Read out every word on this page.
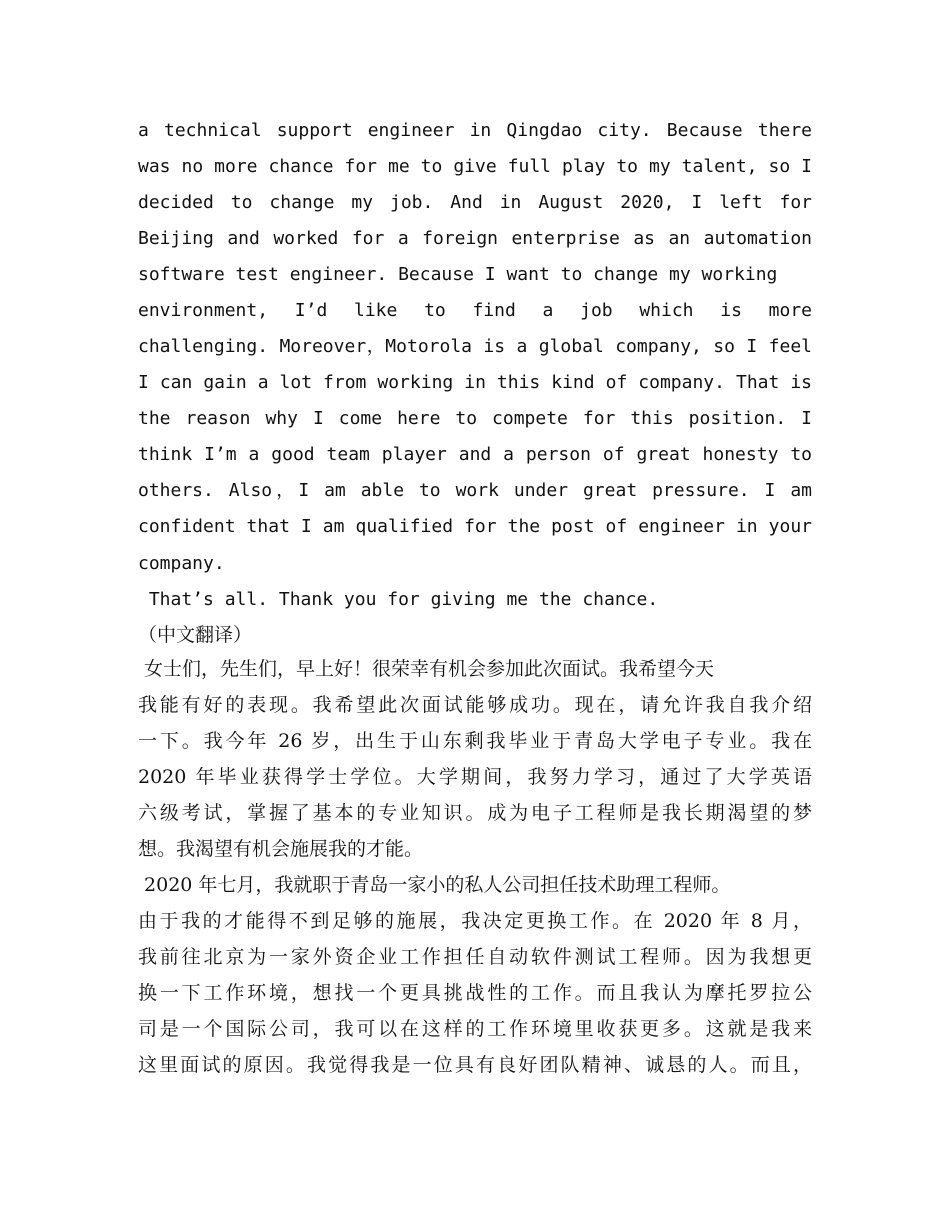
a technical support engineer in Qingdao city. Because there
was no more chance for me to give full play to my talent, so I
decided to change my job. And in August 2020, I left for
Beijing and worked for a foreign enterprise as an automation
software test engineer. Because I want to change my working
environment, I’d like to find a job which is more
challenging. Moreover，Motorola is a global company, so I feel
I can gain a lot from working in this kind of company. That is
the reason why I come here to compete for this position. I
think I’m a good team player and a person of great honesty to
others. Also，I am able to work under great pressure. I am
confident that I am qualified for the post of engineer in your
company.
That’s all. Thank you for giving me the chance.
（中文翻译）
女士们，先生们，早上好！很荣幸有机会参加此次面试。我希望今天
我能有好的表现。我希望此次面试能够成功。现在，请允许我自我介绍
一下。我今年 26 岁，出生于山东剩我毕业于青岛大学电子专业。我在
2020 年毕业获得学士学位。大学期间，我努力学习，通过了大学英语
六级考试，掌握了基本的专业知识。成为电子工程师是我长期渴望的梦
想。我渴望有机会施展我的才能。
2020 年七月，我就职于青岛一家小的私人公司担任技术助理工程师。
由于我的才能得不到足够的施展，我决定更换工作。在 2020 年 8 月，
我前往北京为一家外资企业工作担任自动软件测试工程师。因为我想更
换一下工作环境，想找一个更具挑战性的工作。而且我认为摩托罗拉公
司是一个国际公司，我可以在这样的工作环境里收获更多。这就是我来
这里面试的原因。我觉得我是一位具有良好团队精神、诚恳的人。而且，
